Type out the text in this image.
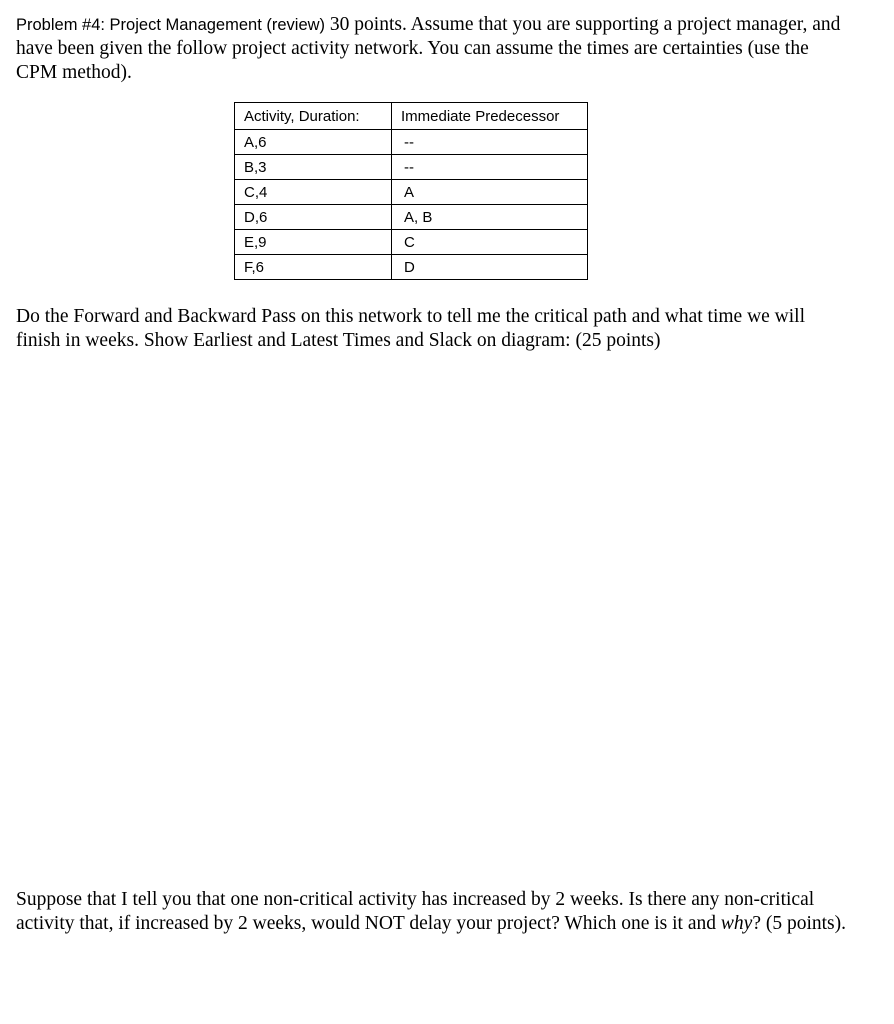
Problem #4: Project Management (review) 30 points. Assume that you are supporting a project manager, and have been given the follow project activity network. You can assume the times are certainties (use the CPM method).

Activity, Duration:	Immediate Predecessor
A,6	--
B,3	--
C,4	A
D,6	A, B
E,9	C
F,6	D

Do the Forward and Backward Pass on this network to tell me the critical path and what time we will finish in weeks. Show Earliest and Latest Times and Slack on diagram: (25 points)

Suppose that I tell you that one non-critical activity has increased by 2 weeks. Is there any non-critical activity that, if increased by 2 weeks, would NOT delay your project? Which one is it and why? (5 points).
